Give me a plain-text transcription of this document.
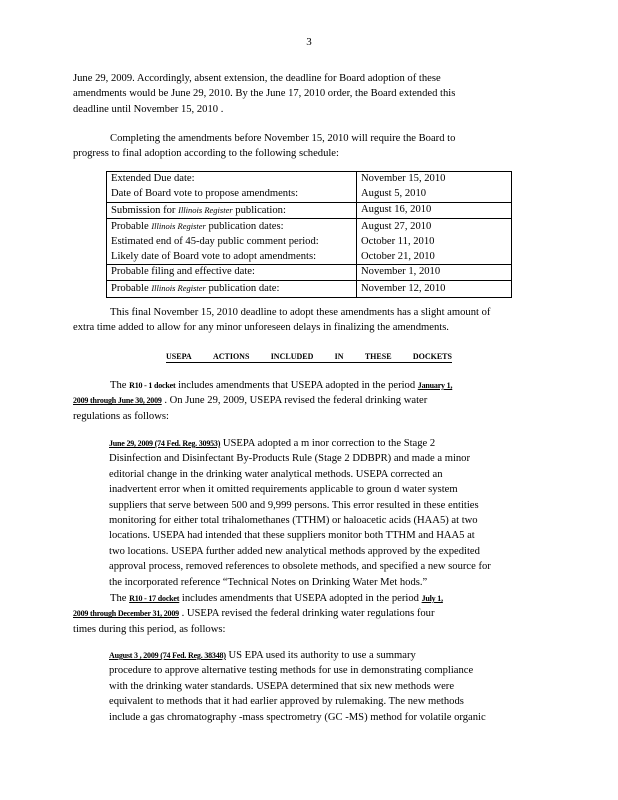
3
June 29, 2009. Accordingly, absent extension, the deadline for Board adoption of these
amendments would be June 29, 2010. By the June 17, 2010 order, the Board extended this
deadline until November 15, 2010 .
Completing the amendments before November 15, 2010 will require the Board to
progress to final adoption according to the following schedule:
Extended Due date:	November 15, 2010
Date of Board vote to propose amendments:	August 5, 2010
Submission for Illinois Register publication:	August 16, 2010
Probable Illinois Register publication dates:	August 27, 2010
Estimated end of 45-day public comment period:	October 11, 2010
Likely date of Board vote to adopt amendments:	October 21, 2010
Probable filing and effective date:	November 1, 2010
Probable Illinois Register publication date:	November 12, 2010
This final November 15, 2010 deadline to adopt these amendments has a slight amount of
extra time added to allow for any minor unforeseen delays in finalizing the amendments.
USEPA	ACTIONS	INCLUDED	IN	THESE	DOCKETS
The R10 - 1 docket includes amendments that USEPA adopted in the period January 1,
2009 through June 30, 2009 . On June 29, 2009, USEPA revised the federal drinking water
regulations as follows:
June 29, 2009 (74 Fed. Reg. 30953) USEPA adopted a m inor correction to the Stage 2
Disinfection and Disinfectant By-Products Rule (Stage 2 DDBPR) and made a minor
editorial change in the drinking water analytical methods. USEPA corrected an
inadvertent error when it omitted requirements applicable to groun d water system
suppliers that serve between 500 and 9,999 persons. This error resulted in these entities
monitoring for either total trihalomethanes (TTHM) or haloacetic acids (HAA5) at two
locations. USEPA had intended that these suppliers monitor both TTHM and HAA5 at
two locations. USEPA further added new analytical methods approved by the expedited
approval process, removed references to obsolete methods, and specified a new source for
the incorporated reference “Technical Notes on Drinking Water Met hods.”
The R10 - 17 docket includes amendments that USEPA adopted in the period July 1,
2009 through December 31, 2009 . USEPA revised the federal drinking water regulations four
times during this period, as follows:
August 3 , 2009 (74 Fed. Reg. 38348) US EPA used its authority to use a summary
procedure to approve alternative testing methods for use in demonstrating compliance
with the drinking water standards. USEPA determined that six new methods were
equivalent to methods that it had earlier approved by rulemaking. The new methods
include a gas chromatography -mass spectrometry (GC -MS) method for volatile organic
